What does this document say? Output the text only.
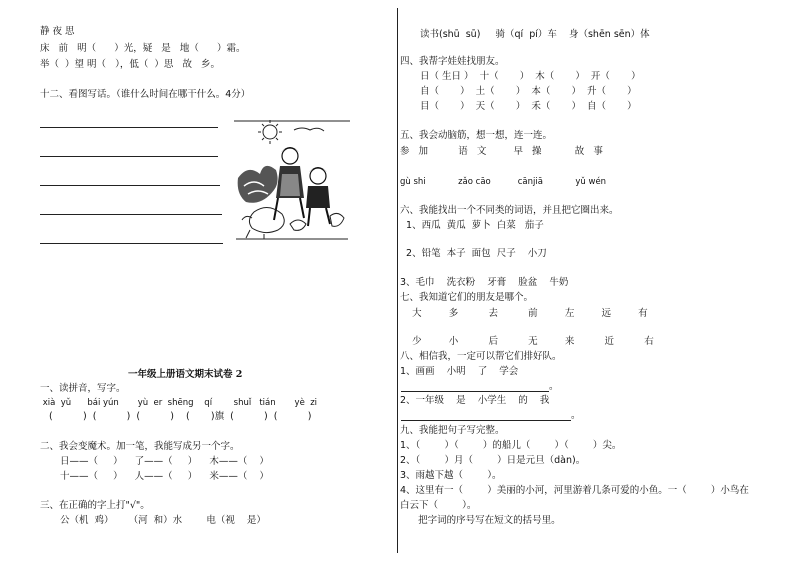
静 夜 思
床   前   明（      ）光，疑   是   地（      ）霜。
举（  ）望 明（   ），低（  ）思   故   乡。
十二、看图写话。（谁什么时间在哪干什么。4分）
一年级上册语文期末试卷 2
一、读拼音，写字。
xià  yǔ      bái yún       yù  er  shēng    qí        shuǐ   tián       yè  zi
(          )  (          )  (          )    (       )旗  (          )  (          )
二、我会变魔术。加一笔，我能写成另一个字。
日——（     ）    了——（     ）    木——（    ）
十——（     ）    人——（     ）    米——（    ）
三、在正确的字上打"√"。
公（机  鸡）     （河  和）水        电（视    是）
读书(shū  sū)     骑（qí  pí）车    身（shēn sēn）体
四、我帮字娃娃找朋友。
日（ 生日 ）  十（       ）  木（       ）  开（       ）
自（       ）  土（       ）  本（       ）  升（       ）
目（       ）  天（       ）  禾（       ）  自（       ）
五、我会动脑筋，想一想，连一连。
参   加          语   文         早   操           故   事
gù shi            zǎo cāo          cānjiā            yǔ wén
六、我能找出一个不同类的词语，并且把它圈出来。
1、西瓜  黄瓜  萝卜  白菜   茄子
2、铅笔  本子  面包  尺子    小刀
3、毛巾    洗衣粉    牙膏    脸盆    牛奶
七、我知道它们的朋友是哪个。
大         多          去          前         左         远         有
少         小          后          无         来          近          右
八、相信我，一定可以帮它们排好队。
1、画画    小明    了    学会
。
2、一年级    是    小学生    的    我
。
九、我能把句子写完整。
1、（        ）（        ）的船儿（        ）（        ）尖。
2、（        ）月（        ）日是元旦（dàn)。
3、雨越下越（        ）。
4、这里有一（        ）美丽的小河，河里游着几条可爱的小鱼。一（        ）小鸟在
白云下（        ）。
把字词的序号写在短文的括号里。
